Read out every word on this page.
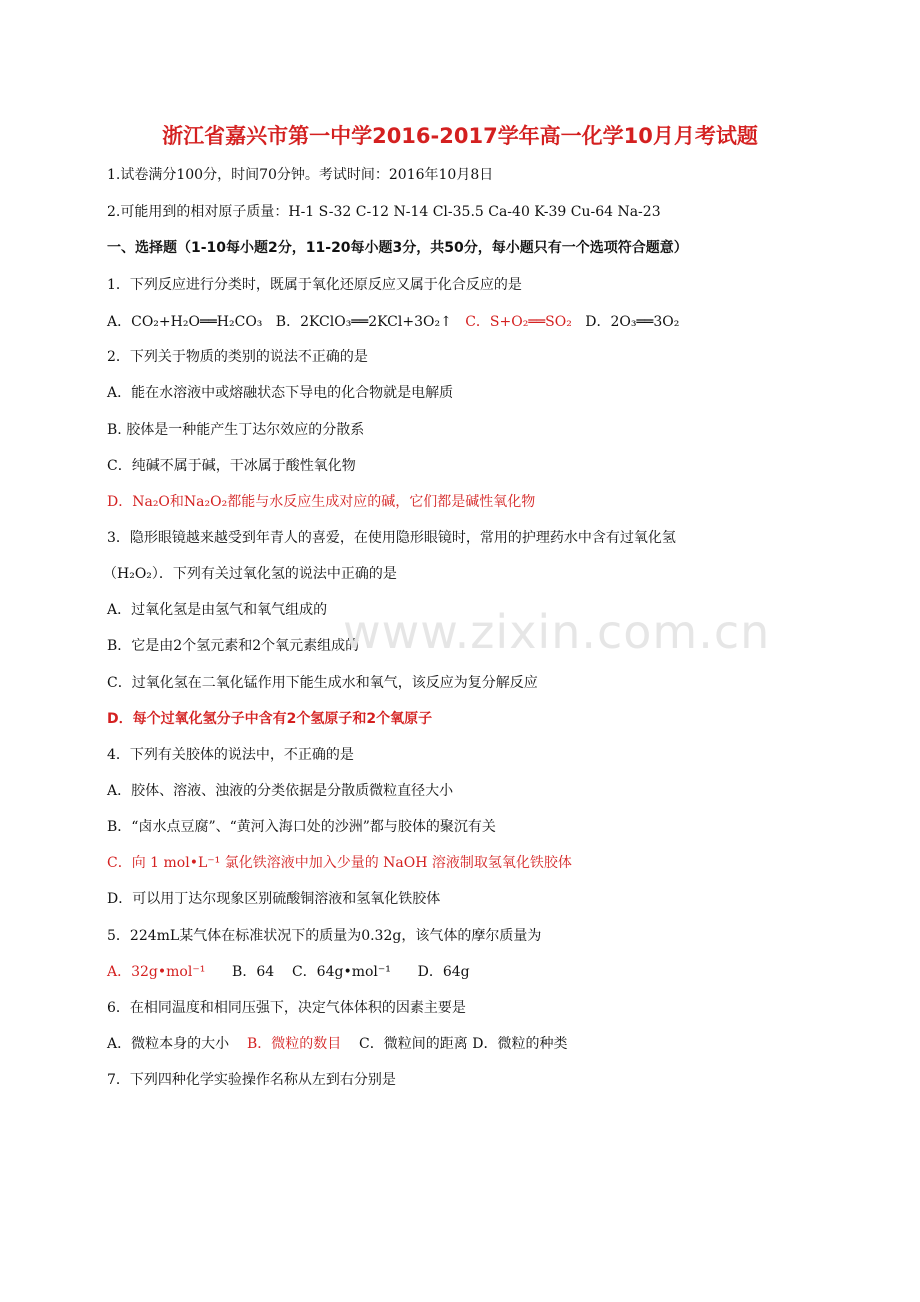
浙江省嘉兴市第一中学2016-2017学年高一化学10月月考试题
1.试卷满分100分，时间70分钟。考试时间：2016年10月8日
2.可能用到的相对原子质量：H-1 S-32 C-12 N-14 Cl-35.5 Ca-40 K-39 Cu-64 Na-23
一、选择题（1-10每小题2分，11-20每小题3分，共50分，每小题只有一个选项符合题意）
1．下列反应进行分类时，既属于氧化还原反应又属于化合反应的是
A．CO₂+H₂O══H₂CO₃ B．2KClO₃══2KCl+3O₂↑ C．S+O₂══SO₂ D．2O₃══3O₂
2．下列关于物质的类别的说法不正确的是
A．能在水溶液中或熔融状态下导电的化合物就是电解质
B. 胶体是一种能产生丁达尔效应的分散系
C．纯碱不属于碱，干冰属于酸性氧化物
D．Na₂O和Na₂O₂都能与水反应生成对应的碱，它们都是碱性氧化物
3．隐形眼镜越来越受到年青人的喜爱，在使用隐形眼镜时，常用的护理药水中含有过氧化氢
（H₂O₂）．下列有关过氧化氢的说法中正确的是
A．过氧化氢是由氢气和氧气组成的
B．它是由2个氢元素和2个氧元素组成的
C．过氧化氢在二氧化锰作用下能生成水和氧气，该反应为复分解反应
D．每个过氧化氢分子中含有2个氢原子和2个氧原子
4．下列有关胶体的说法中，不正确的是
A．胶体、溶液、浊液的分类依据是分散质微粒直径大小
B．“卤水点豆腐”、“黄河入海口处的沙洲”都与胶体的聚沉有关
C．向 1 mol•L⁻¹ 氯化铁溶液中加入少量的 NaOH 溶液制取氢氧化铁胶体
D．可以用丁达尔现象区别硫酸铜溶液和氢氧化铁胶体
5．224mL某气体在标准状况下的质量为0.32g，该气体的摩尔质量为
A．32g•mol⁻¹ B．64 C．64g•mol⁻¹ D．64g
6．在相同温度和相同压强下，决定气体体积的因素主要是
A．微粒本身的大小 B．微粒的数目 C．微粒间的距离 D．微粒的种类
7．下列四种化学实验操作名称从左到右分别是
www.zixin.com.cn
